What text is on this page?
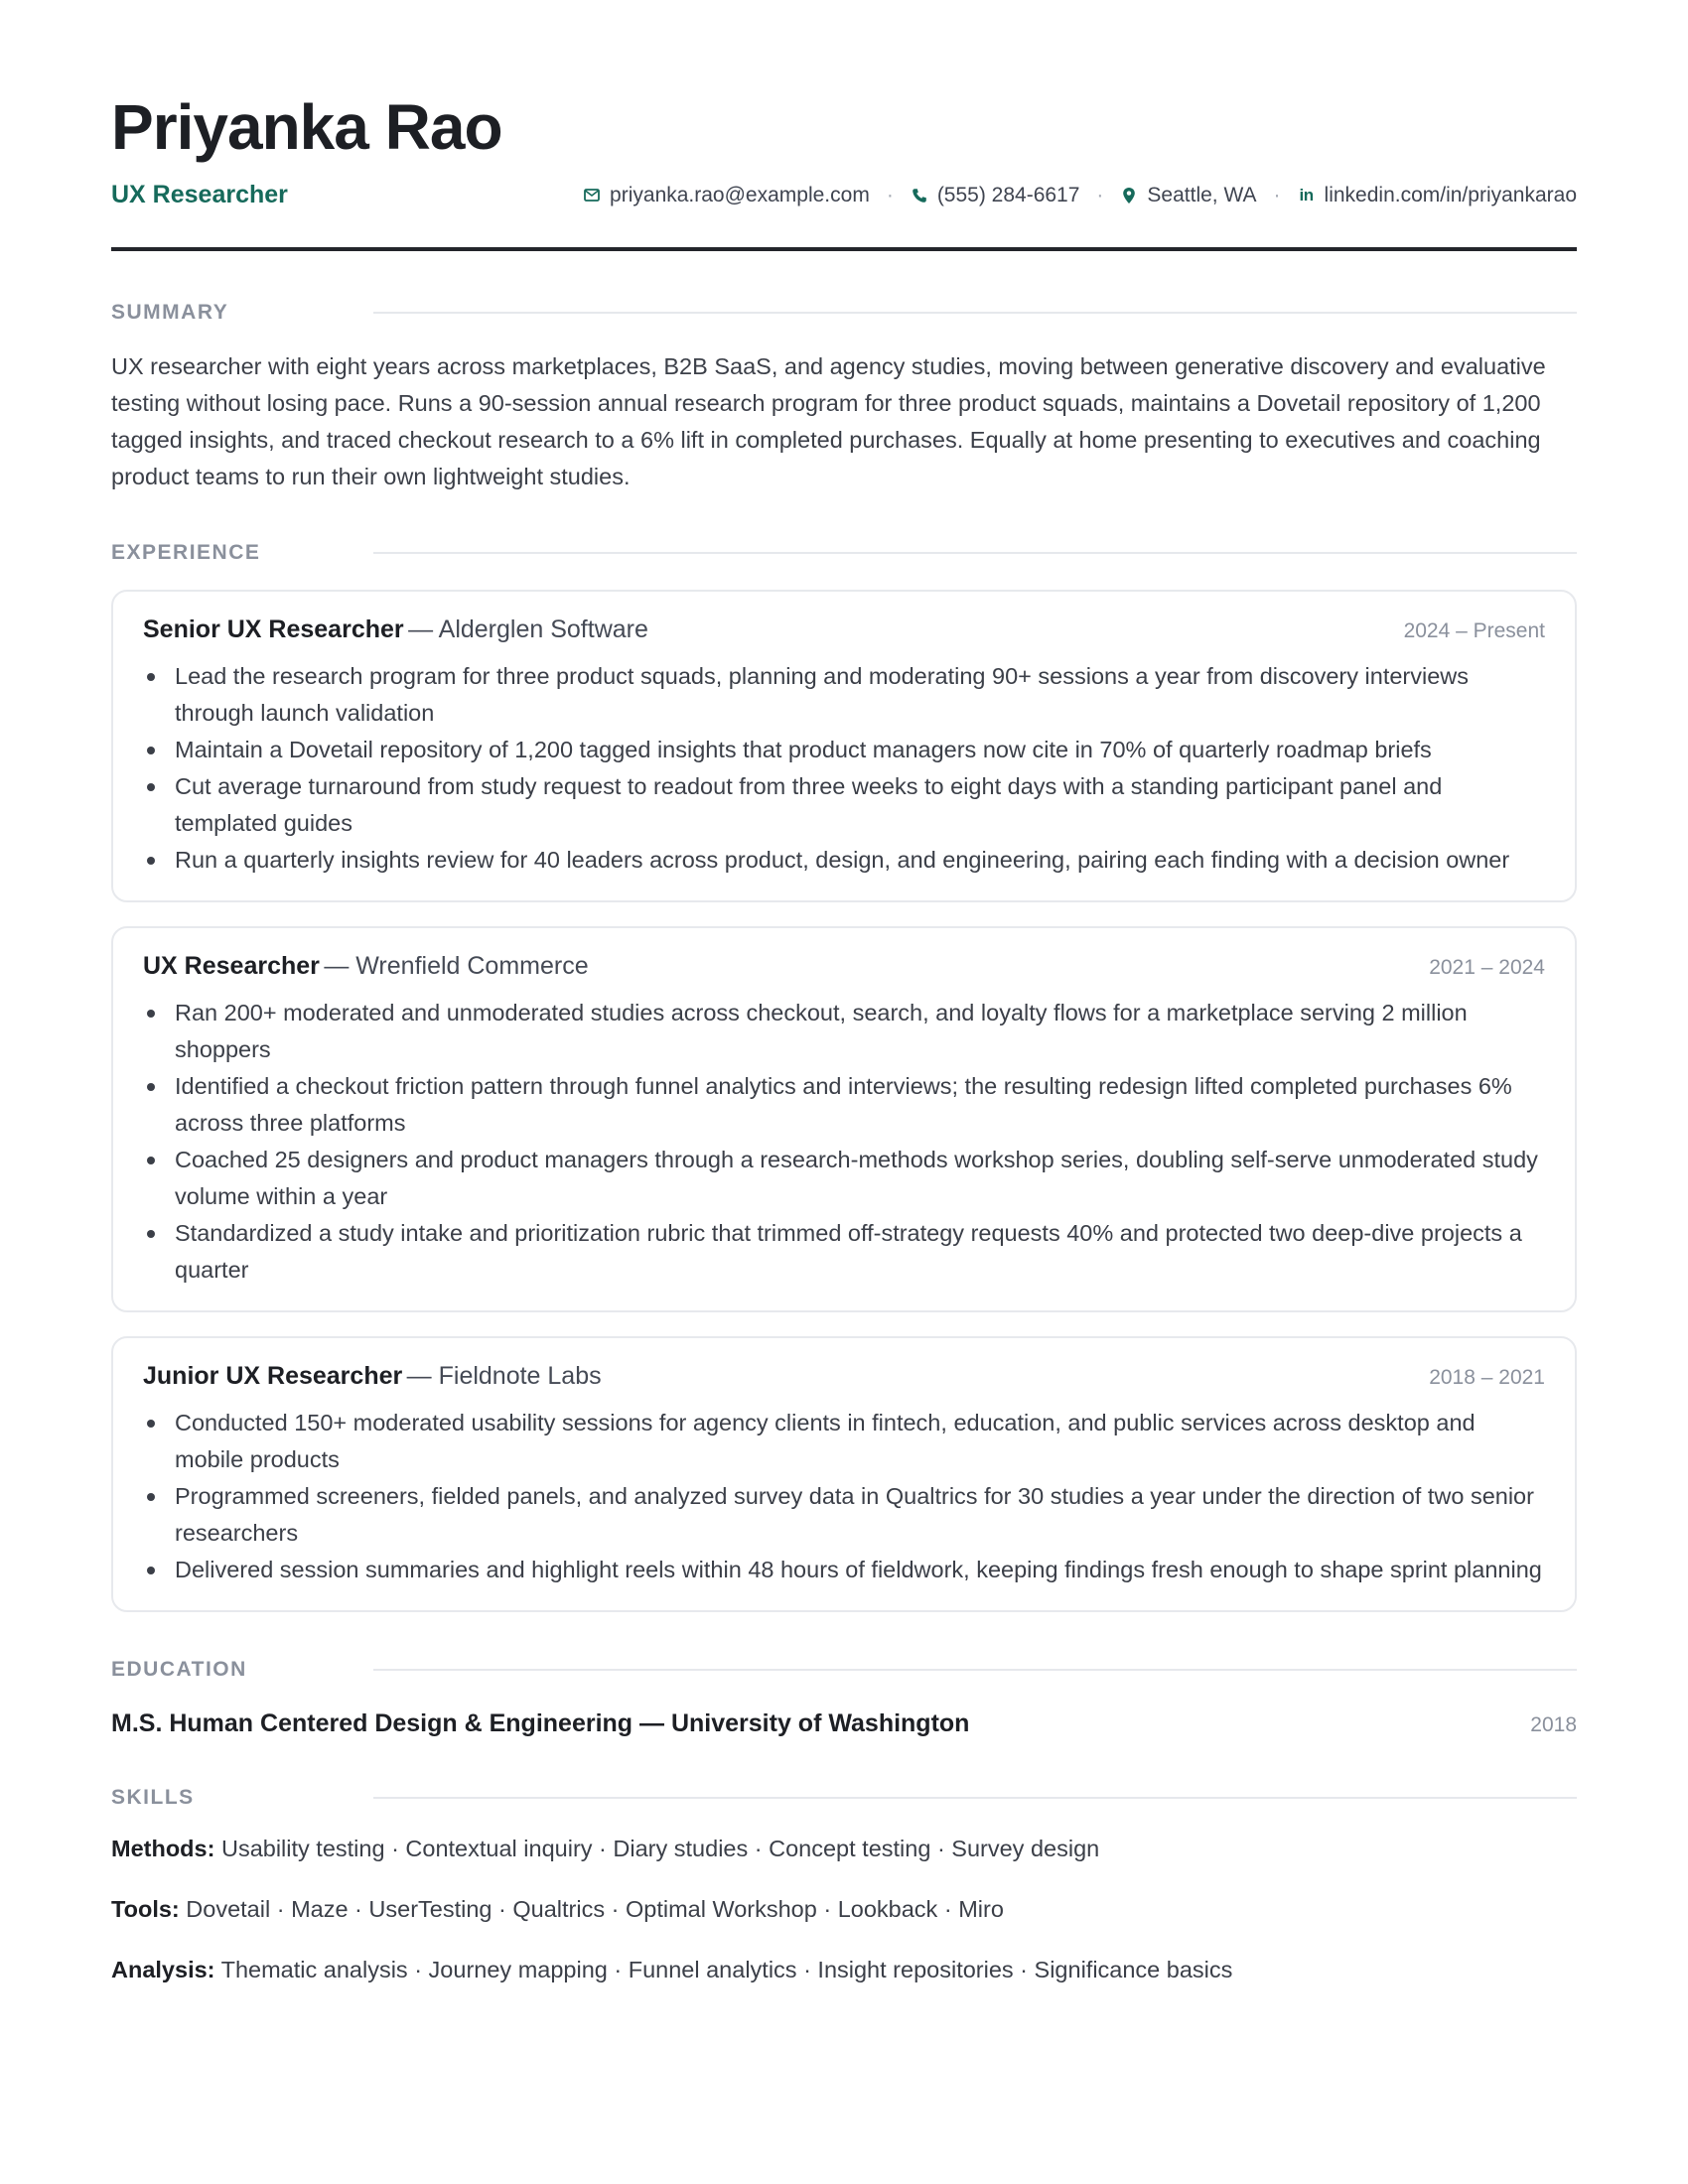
Priyanka Rao
UX Researcher	priyanka.rao@example.com · (555) 284-6617 · Seattle, WA · in linkedin.com/in/priyankarao
SUMMARY

UX researcher with eight years across marketplaces, B2B SaaS, and agency studies, moving between generative discovery and evaluative testing without losing pace. Runs a 90-session annual research program for three product squads, maintains a Dovetail repository of 1,200 tagged insights, and traced checkout research to a 6% lift in completed purchases. Equally at home presenting to executives and coaching product teams to run their own lightweight studies.

EXPERIENCE
Senior UX Researcher — Alderglen Software	2024 – Present
Lead the research program for three product squads, planning and moderating 90+ sessions a year from discovery interviews through launch validation
Maintain a Dovetail repository of 1,200 tagged insights that product managers now cite in 70% of quarterly roadmap briefs
Cut average turnaround from study request to readout from three weeks to eight days with a standing participant panel and templated guides
Run a quarterly insights review for 40 leaders across product, design, and engineering, pairing each finding with a decision owner
UX Researcher — Wrenfield Commerce	2021 – 2024
Ran 200+ moderated and unmoderated studies across checkout, search, and loyalty flows for a marketplace serving 2 million shoppers
Identified a checkout friction pattern through funnel analytics and interviews; the resulting redesign lifted completed purchases 6% across three platforms
Coached 25 designers and product managers through a research-methods workshop series, doubling self-serve unmoderated study volume within a year
Standardized a study intake and prioritization rubric that trimmed off-strategy requests 40% and protected two deep-dive projects a quarter
Junior UX Researcher — Fieldnote Labs	2018 – 2021
Conducted 150+ moderated usability sessions for agency clients in fintech, education, and public services across desktop and mobile products
Programmed screeners, fielded panels, and analyzed survey data in Qualtrics for 30 studies a year under the direction of two senior researchers
Delivered session summaries and highlight reels within 48 hours of fieldwork, keeping findings fresh enough to shape sprint planning
EDUCATION
M.S. Human Centered Design & Engineering — University of Washington	2018
SKILLS
Methods: Usability testing · Contextual inquiry · Diary studies · Concept testing · Survey design
Tools: Dovetail · Maze · UserTesting · Qualtrics · Optimal Workshop · Lookback · Miro
Analysis: Thematic analysis · Journey mapping · Funnel analytics · Insight repositories · Significance basics
